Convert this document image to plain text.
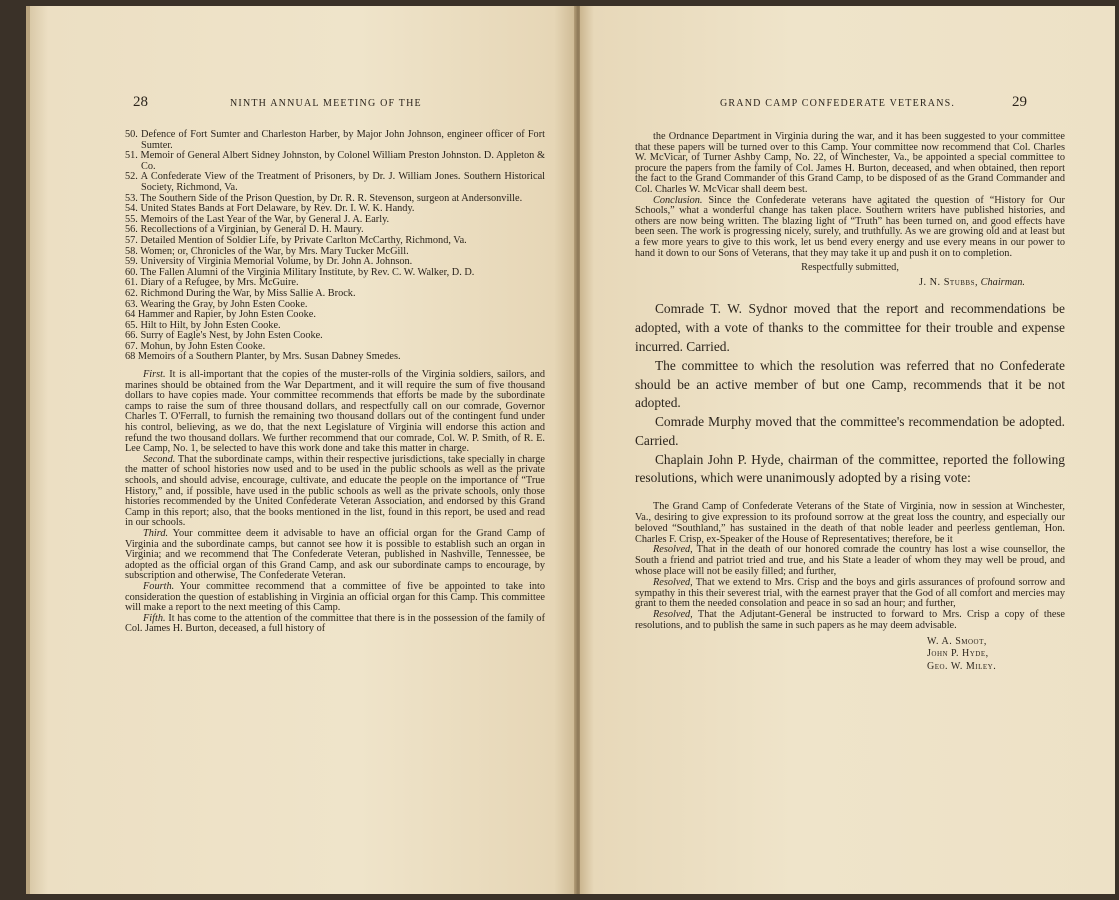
28	NINTH ANNUAL MEETING OF THE
50. Defence of Fort Sumter and Charleston Harber, by Major John Johnson, engineer officer of Fort Sumter.
51. Memoir of General Albert Sidney Johnston, by Colonel William Preston Johnston. D. Appleton & Co.
52. A Confederate View of the Treatment of Prisoners, by Dr. J. William Jones. Southern Historical Society, Richmond, Va.
53. The Southern Side of the Prison Question, by Dr. R. R. Stevenson, surgeon at Andersonville.
54. United States Bands at Fort Delaware, by Rev. Dr. I. W. K. Handy.
55. Memoirs of the Last Year of the War, by General J. A. Early.
56. Recollections of a Virginian, by General D. H. Maury.
57. Detailed Mention of Soldier Life, by Private Carlton McCarthy, Richmond, Va.
58. Women; or, Chronicles of the War, by Mrs. Mary Tucker McGill.
59. University of Virginia Memorial Volume, by Dr. John A. Johnson.
60. The Fallen Alumni of the Virginia Military Institute, by Rev. C. W. Walker, D. D.
61. Diary of a Refugee, by Mrs. McGuire.
62. Richmond During the War, by Miss Sallie A. Brock.
63. Wearing the Gray, by John Esten Cooke.
64 Hammer and Rapier, by John Esten Cooke.
65. Hilt to Hilt, by John Esten Cooke.
66. Surry of Eagle's Nest, by John Esten Cooke.
67. Mohun, by John Esten Cooke.
68 Memoirs of a Southern Planter, by Mrs. Susan Dabney Smedes.

First. It is all-important that the copies of the muster-rolls of the Virginia soldiers, sailors, and marines should be obtained from the War Department, and it will require the sum of five thousand dollars to have copies made. Your committee recommends that efforts be made by the subordinate camps to raise the sum of three thousand dollars, and respectfully call on our comrade, Governor Charles T. O'Ferrall, to furnish the remaining two thousand dollars out of the contingent fund under his control, believing, as we do, that the next Legislature of Virginia will endorse this action and refund the two thousand dollars. We further recommend that our comrade, Col. W. P. Smith, of R. E. Lee Camp, No. 1, be selected to have this work done and take this matter in charge.

Second. That the subordinate camps, within their respective jurisdictions, take specially in charge the matter of school histories now used and to be used in the public schools as well as the private schools, and should advise, encourage, cultivate, and educate the people on the importance of “True History,” and, if possible, have used in the public schools as well as the private schools, only those histories recommended by the United Confederate Veteran Association, and endorsed by this Grand Camp in this report; also, that the books mentioned in the list, found in this report, be used and read in our schools.

Third. Your committee deem it advisable to have an official organ for the Grand Camp of Virginia and the subordinate camps, but cannot see how it is possible to establish such an organ in Virginia; and we recommend that The Confederate Veteran, published in Nashville, Tennessee, be adopted as the official organ of this Grand Camp, and ask our subordinate camps to encourage, by subscription and otherwise, The Confederate Veteran.

Fourth. Your committee recommend that a committee of five be appointed to take into consideration the question of establishing in Virginia an official organ for this Camp. This committee will make a report to the next meeting of this Camp.

Fifth. It has come to the attention of the committee that there is in the possession of the family of Col. James H. Burton, deceased, a full history of

GRAND CAMP CONFEDERATE VETERANS.	29

the Ordnance Department in Virginia during the war, and it has been suggested to your committee that these papers will be turned over to this Camp. Your committee now recommend that Col. Charles W. McVicar, of Turner Ashby Camp, No. 22, of Winchester, Va., be appointed a special committee to procure the papers from the family of Col. James H. Burton, deceased, and when obtained, then report the fact to the Grand Commander of this Grand Camp, to be disposed of as the Grand Commander and Col. Charles W. McVicar shall deem best.

Conclusion. Since the Confederate veterans have agitated the question of “History for Our Schools,” what a wonderful change has taken place. Southern writers have published histories, and others are now being written. The blazing light of “Truth” has been turned on, and good effects have been seen. The work is progressing nicely, surely, and truthfully. As we are growing old and at least but a few more years to give to this work, let us bend every energy and use every means in our power to hand it down to our Sons of Veterans, that they may take it up and push it on to completion.

Respectfully submitted,
J. N. Stubbs, Chairman.

Comrade T. W. Sydnor moved that the report and recommendations be adopted, with a vote of thanks to the committee for their trouble and expense incurred. Carried.

The committee to which the resolution was referred that no Confederate should be an active member of but one Camp, recommends that it be not adopted.

Comrade Murphy moved that the committee's recommendation be adopted. Carried.

Chaplain John P. Hyde, chairman of the committee, reported the following resolutions, which were unanimously adopted by a rising vote:

The Grand Camp of Confederate Veterans of the State of Virginia, now in session at Winchester, Va., desiring to give expression to its profound sorrow at the great loss the country, and especially our beloved “Southland,” has sustained in the death of that noble leader and peerless gentleman, Hon. Charles F. Crisp, ex-Speaker of the House of Representatives; therefore, be it

Resolved, That in the death of our honored comrade the country has lost a wise counsellor, the South a friend and patriot tried and true, and his State a leader of whom they may well be proud, and whose place will not be easily filled; and further,

Resolved, That we extend to Mrs. Crisp and the boys and girls assurances of profound sorrow and sympathy in this their severest trial, with the earnest prayer that the God of all comfort and mercies may grant to them the needed consolation and peace in so sad an hour; and further,

Resolved, That the Adjutant-General be instructed to forward to Mrs. Crisp a copy of these resolutions, and to publish the same in such papers as he may deem advisable.

W. A. Smoot,
John P. Hyde,
Geo. W. Miley.
